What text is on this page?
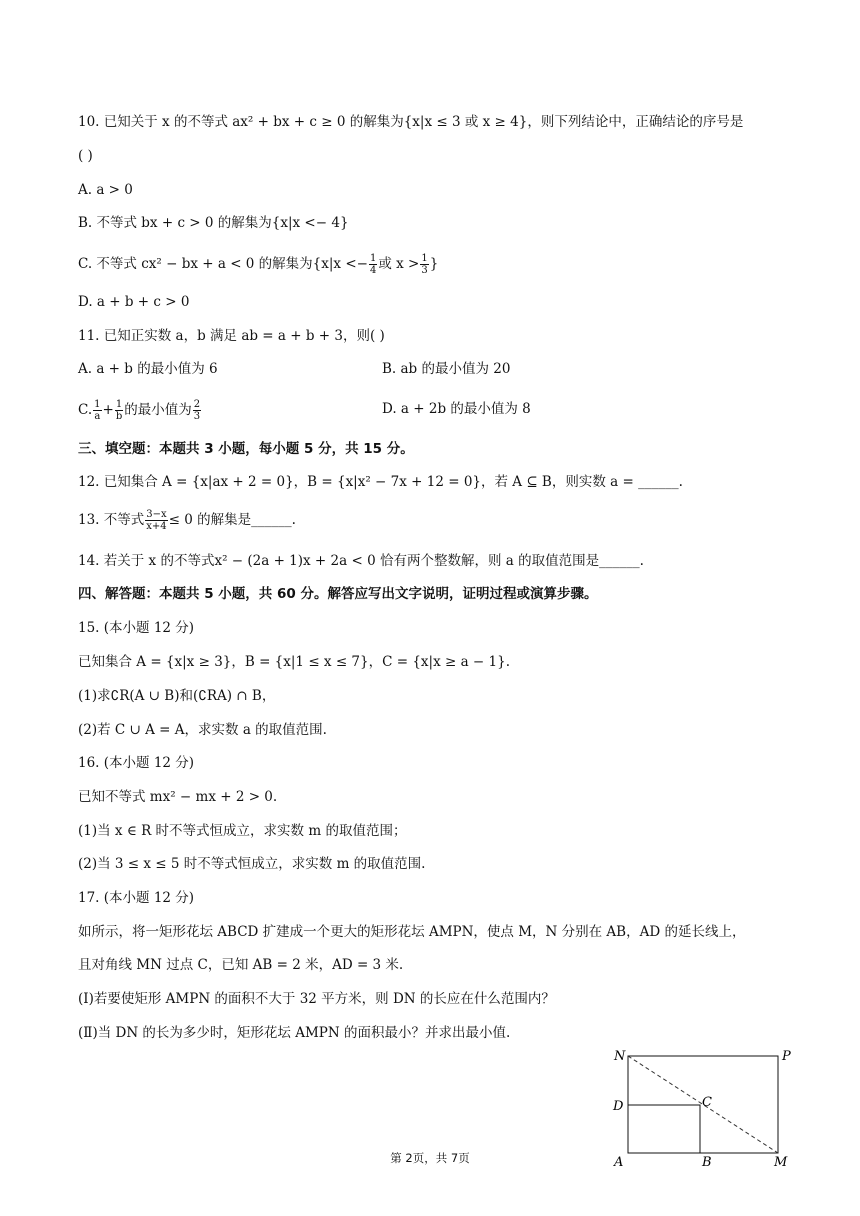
10. 已知关于 x 的不等式 ax² + bx + c ≥ 0 的解集为{x|x ≤ 3 或 x ≥ 4}，则下列结论中，正确结论的序号是
( )
A. a > 0
B. 不等式 bx + c > 0 的解集为{x|x <− 4}
C. 不等式 cx² − bx + a < 0 的解集为{$x|x <- \frac{1}{4}$ 或 $x > \frac{1}{3}$ }
D. a + b + c > 0
11. 已知正实数 a，b 满足 ab = a + b + 3，则( )
A. a + b 的最小值为 6	B. ab 的最小值为 20
C. $\frac{1}{a} + \frac{1}{b}$ 的最小值为 $\frac{2}{3}$	D. a + 2b 的最小值为 8
三、填空题：本题共 3 小题，每小题 5 分，共 15 分。
12. 已知集合 A = {x|ax + 2 = 0}，B = {x|x² − 7x + 12 = 0}，若 A ⊆ B，则实数 a = ______.
13. 不等式 $\frac{3-x}{x+4} \le 0$ 的解集是______.
14. 若关于 x 的不等式x² − (2a + 1)x + 2a < 0 恰有两个整数解，则 a 的取值范围是______.
四、解答题：本题共 5 小题，共 60 分。解答应写出文字说明，证明过程或演算步骤。
15. (本小题 12 分)
已知集合 A = {x|x ≥ 3}，B = {x|1 ≤ x ≤ 7}，C = {x|x ≥ a − 1}.
(1)求∁R(A ∪ B)和(∁RA) ∩ B，
(2)若 C ∪ A = A，求实数 a 的取值范围.
16. (本小题 12 分)
已知不等式 mx² − mx + 2 > 0.
(1)当 x ∈ R 时不等式恒成立，求实数 m 的取值范围；
(2)当 3 ≤ x ≤ 5 时不等式恒成立，求实数 m 的取值范围.
17. (本小题 12 分)
如所示，将一矩形花坛 ABCD 扩建成一个更大的矩形花坛 AMPN，使点 M，N 分别在 AB，AD 的延长线上，
且对角线 MN 过点 C，已知 AB = 2 米，AD = 3 米.
(Ⅰ)若要使矩形 AMPN 的面积不大于 32 平方米，则 DN 的长应在什么范围内？
(Ⅱ)当 DN 的长为多少时，矩形花坛 AMPN 的面积最小？并求出最小值.
N	P
D	C
A	B	M
第 2页，共 7页
